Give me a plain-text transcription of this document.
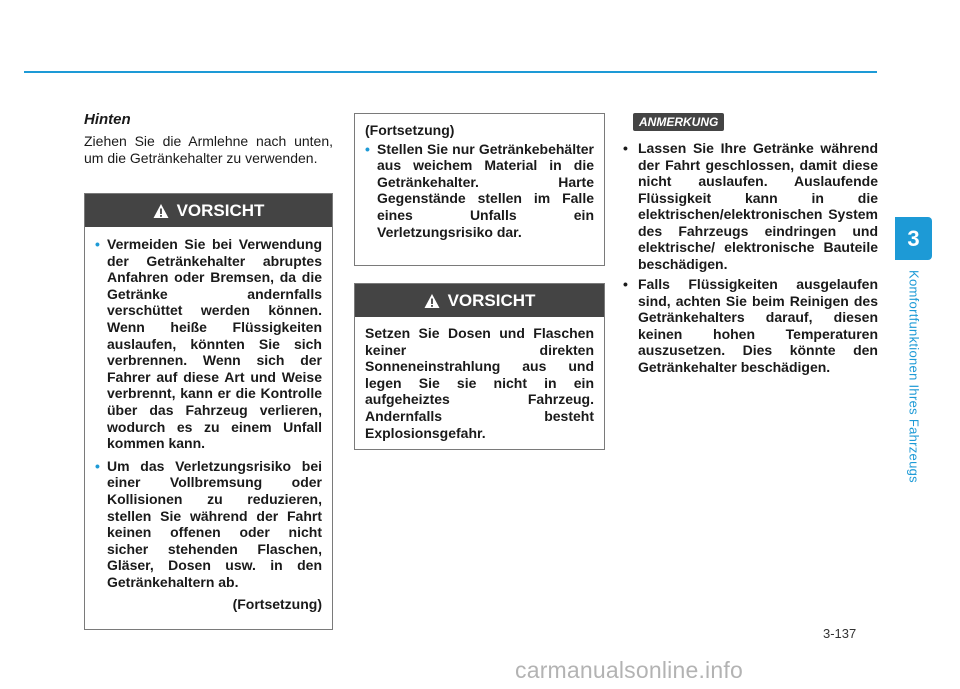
3
Komfortfunktionen Ihres Fahrzeugs
Hinten
Ziehen Sie die Armlehne nach unten, um die Getränkehalter zu verwenden.
VORSICHT
• Vermeiden Sie bei Verwendung der Getränkehalter abruptes Anfahren oder Bremsen, da die Getränke andernfalls verschüttet werden können. Wenn heiße Flüssigkeiten auslaufen, könnten Sie sich verbrennen. Wenn sich der Fahrer auf diese Art und Weise verbrennt, kann er die Kontrolle über das Fahrzeug verlieren, wodurch es zu einem Unfall kommen kann.
• Um das Verletzungsrisiko bei einer Vollbremsung oder Kollisionen zu reduzieren, stellen Sie während der Fahrt keinen offenen oder nicht sicher stehenden Flaschen, Gläser, Dosen usw. in den Getränkehaltern ab.
(Fortsetzung)
(Fortsetzung)
• Stellen Sie nur Getränkebehälter aus weichem Material in die Getränkehalter. Harte Gegenstände stellen im Falle eines Unfalls ein Verletzungsrisiko dar.
VORSICHT
Setzen Sie Dosen und Flaschen keiner direkten Sonneneinstrahlung aus und legen Sie sie nicht in ein aufgeheiztes Fahrzeug. Andernfalls besteht Explosionsgefahr.
ANMERKUNG
• Lassen Sie Ihre Getränke während der Fahrt geschlossen, damit diese nicht auslaufen. Auslaufende Flüssigkeit kann in die elektrischen/elektronischen System des Fahrzeugs eindringen und elektrische/ elektronische Bauteile beschädigen.
• Falls Flüssigkeiten ausgelaufen sind, achten Sie beim Reinigen des Getränkehalters darauf, diesen keinen hohen Temperaturen auszusetzen. Dies könnte den Getränkehalter beschädigen.
3-137
carmanualsonline.info
